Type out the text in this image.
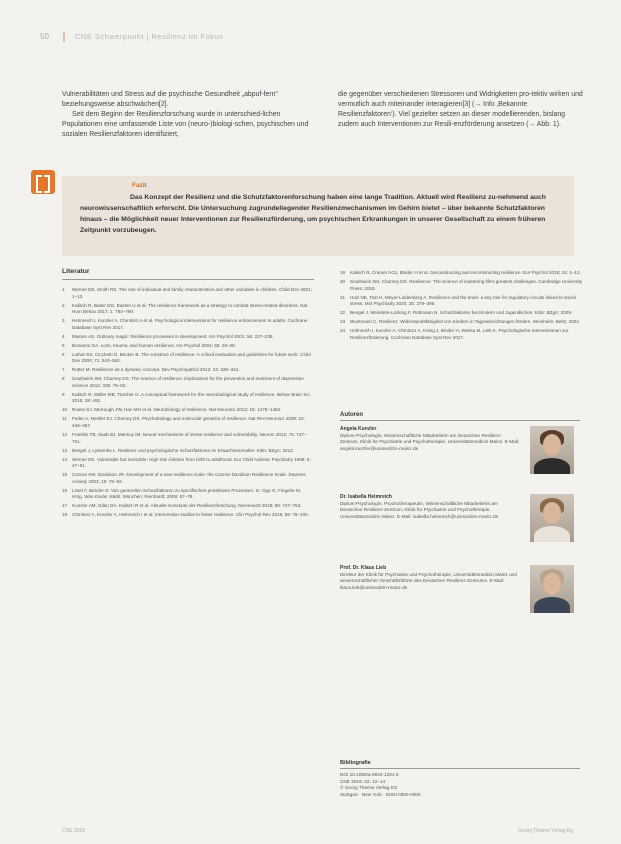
50	CNE Schwerpunkt | Resilienz im Fokus

Vulnerabilitäten und Stress auf die psychische Gesundheit „abpuf-fern“ beziehungsweise abschwächen[2].

Seit dem Beginn der Resilienzforschung wurde in unterschied-lichen Populationen eine umfassende Liste von (neuro-)biologi-schen, psychischen und sozialen Resilienzfaktoren identifiziert,

die gegenüber verschiedenen Stressoren und Widrigkeiten pro-tektiv wirken und vermutlich auch miteinander interagieren[3] (→ Info ‚Bekannte Resilienzfaktoren‘). Viel gezielter setzen an dieser modellierenden, bislang zudem auch Interventionen zur Resili-enzförderung ansetzen (→ Abb. 1).

Fazit
Das Konzept der Resilienz und die Schutzfaktorenforschung haben eine lange Tradition. Aktuell wird Resilienz zu-nehmend auch neurowissenschaftlich erforscht. Die Untersuchung zugrundeliegender Resilienzmechanismen im Gehirn bietet – über bekannte Schutzfaktoren hinaus – die Möglichkeit neuer Interventionen zur Resilienzförderung, um psychischen Erkrankungen in unserer Gesellschaft zu einem früheren Zeitpunkt vorzubeugen.
Literatur
1	Werner EE, Smith RS. The role of individual and family characteristics and other variables in children. Child Dev 2001; 1–13.
2	Kalisch R, Baker DG, Basten U et al. The resilience framework as a strategy to combat stress-related disorders. Nat Hum Behav 2017; 1: 784–790.
3	Helmreich I, Kunzler A, Chmitorz A et al. Psychological interventions for resilience enhancement in adults. Cochrane Database Syst Rev 2017.
4	Masten AS. Ordinary magic: Resilience processes in development. Am Psychol 2001; 56: 227–238.
5	Bonanno GA. Loss, trauma, and human resilience. Am Psychol 2004; 59: 20–28.
6	Luthar SS, Cicchetti D, Becker B. The construct of resilience: A critical evaluation and guidelines for future work. Child Dev 2000; 71: 543–562.
7	Rutter M. Resilience as a dynamic concept. Dev Psychopathol 2012; 24: 335–344.
8	Southwick SM, Charney DS. The science of resilience: implications for the prevention and treatment of depression. Science 2012; 338: 79–82.
9	Kalisch R, Müller MB, Tüscher O. A conceptual framework for the neurobiological study of resilience. Behav Brain Sci 2015; 38: e92.
10	Russo SJ, Murrough JW, Han MH et al. Neurobiology of resilience. Nat Neurosci 2012; 15: 1475–1484.
11	Feder A, Nestler EJ, Charney DS. Psychobiology and molecular genetics of resilience. Nat Rev Neurosci 2009; 10: 446–457.
12	Franklin TB, Saab BJ, Mansuy IM. Neural mechanisms of stress resilience and vulnerability. Neuron 2012; 75: 747–761.
13	Bengel J, Lyssenko L. Resilienz und psychologische Schutzfaktoren im Erwachsenenalter. Köln: BZgA; 2012.
14	Werner EE. Vulnerable but invincible: High risk children from birth to adulthood. Eur Child Adolesc Psychiatry 1996; 5: 47–51.
15	Connor KM, Davidson JR. Development of a new resilience scale: the Connor-Davidson Resilience Scale. Depress Anxiety 2003; 18: 76–82.
16	Lösel F, Bender D. Von generellen Schutzfaktoren zu spezifischen protektiven Prozessen. In: Opp G, Fingerle M, Hrsg. Was Kinder stärkt. München: Reinhardt; 2008: 57–78.
17	Kunzler AM, Gilan DA, Kalisch R et al. Aktuelle Konzepte der Resilienzforschung. Nervenarzt 2018; 89: 747–753.
18	Chmitorz A, Kunzler A, Helmreich I et al. Intervention studies to foster resilience. Clin Psychol Rev 2018; 59: 78–100.
19	Kalisch R, Cramer AOJ, Binder H et al. Deconstructing and reconstructing resilience. Eur Psychol 2019; 24: 1–12.
20	Southwick SM, Charney DS. Resilience: The science of mastering life's greatest challenges. Cambridge University Press; 2018.
21	Holz NE, Tost H, Meyer-Lindenberg A. Resilience and the brain: a key role for regulatory circuits linked to social stress. Mol Psychiatry 2020; 25: 379–396.
22	Bengel J, Meinders-Lücking F, Rottmann N. Schutzfaktoren bei Kindern und Jugendlichen. Köln: BZgA; 2009.
23	Wustmann C. Resilienz: Widerstandsfähigkeit von Kindern in Tageseinrichtungen fördern. Weinheim: Beltz; 2004.
24	Helmreich I, Kunzler A, Chmitorz A, König J, Binder H, Wessa M, Lieb K. Psychologische Interventionen zur Resilienzförderung. Cochrane Database Syst Rev 2017.
Autoren
Angela Kunzler
Diplom-Psychologin, Wissenschaftliche Mitarbeiterin am Deutschen Resilienz-Zentrum, Klinik für Psychiatrie und Psychotherapie, Universitätsmedizin Mainz. E-Mail: angela.kunzler@unimedizin-mainz.de
Dr. Isabella Helmreich
Diplom-Psychologin, Psychotherapeutin, Wissenschaftliche Mitarbeiterin am Deutschen Resilienz-Zentrum, Klinik für Psychiatrie und Psychotherapie, Universitätsmedizin Mainz. E-Mail: isabella.helmreich@unimedizin-mainz.de
Prof. Dr. Klaus Lieb
Direktor der Klinik für Psychiatrie und Psychotherapie, Universitätsmedizin Mainz und wissenschaftlicher Geschäftsführer des Deutschen Resilienz-Zentrums. E-Mail: klaus.lieb@unimedizin-mainz.de
Bibliografie
DOI 10.1055/a-0932-1201-5
CNE 2019; 22: 12–14
© Georg Thieme Verlag KG
Stuttgart · New York · ISSN 0000-0000
CNE 2019	Georg Thieme Verlag Kg
